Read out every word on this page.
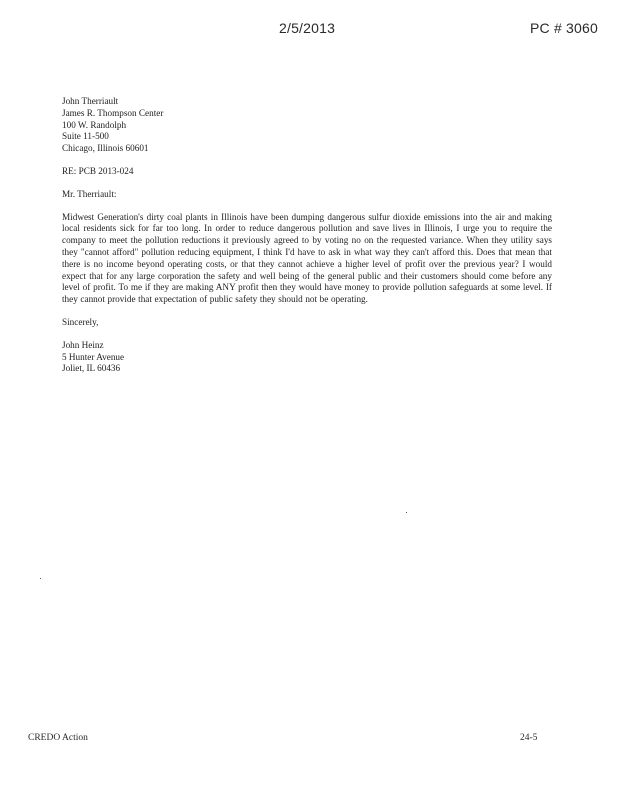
2/5/2013	PC # 3060
John Therriault
James R. Thompson Center
100 W. Randolph
Suite 11-500
Chicago, Illinois 60601
RE: PCB 2013-024
Mr. Therriault:

Midwest Generation's dirty coal plants in Illinois have been dumping dangerous sulfur dioxide emissions into the air and making local residents sick for far too long. In order to reduce dangerous pollution and save lives in Illinois, I urge you to require the company to meet the pollution reductions it previously agreed to by voting no on the requested variance. When they utility says they "cannot afford" pollution reducing equipment, I think I'd have to ask in what way they can't afford this. Does that mean that there is no income beyond operating costs, or that they cannot achieve a higher level of profit over the previous year? I would expect that for any large corporation the safety and well being of the general public and their customers should come before any level of profit. To me if they are making ANY profit then they would have money to provide pollution safeguards at some level. If they cannot provide that expectation of public safety they should not be operating.

Sincerely,
John Heinz
5 Hunter Avenue
Joliet, IL 60436
CREDO Action	24-5
